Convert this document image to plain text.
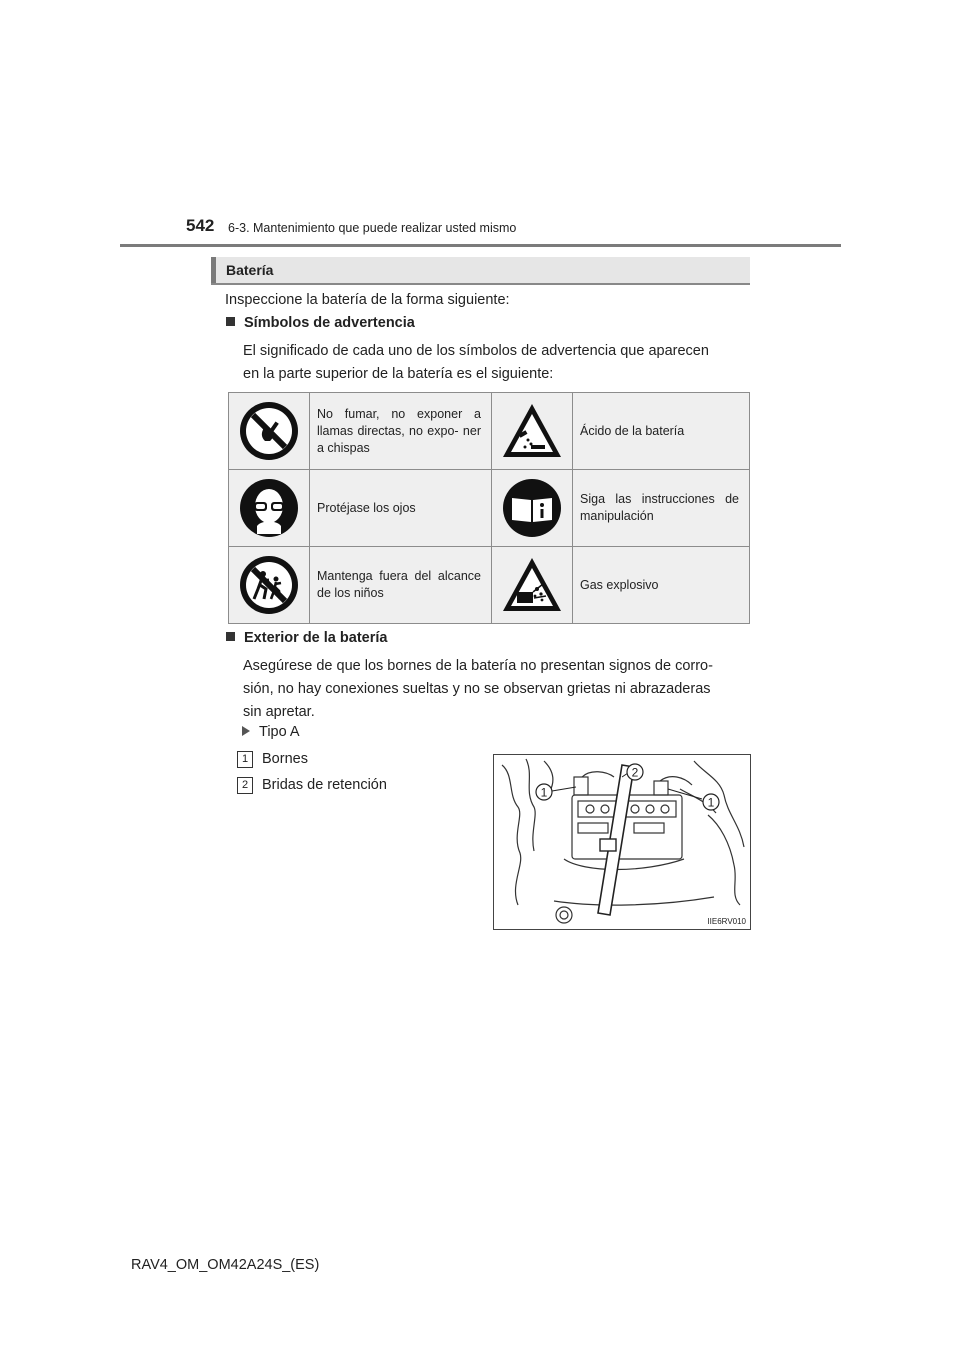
542 6-3. Mantenimiento que puede realizar usted mismo
Batería
Inspeccione la batería de la forma siguiente:
Símbolos de advertencia
El significado de cada uno de los símbolos de advertencia que aparecen
en la parte superior de la batería es el siguiente:
	No fumar, no exponer a llamas directas, no expo- ner a chispas		Ácido de la batería

	Protéjase los ojos		Siga las instrucciones de manipulación

	Mantenga fuera del alcance de los niños		Gas explosivo
Exterior de la batería
Asegúrese de que los bornes de la batería no presentan signos de corro-
sión, no hay conexiones sueltas y no se observan grietas ni abrazaderas
sin apretar.
Tipo A
1 Bornes
2 Bridas de retención	1
2
1
IIE6RV010
RAV4_OM_OM42A24S_(ES)
